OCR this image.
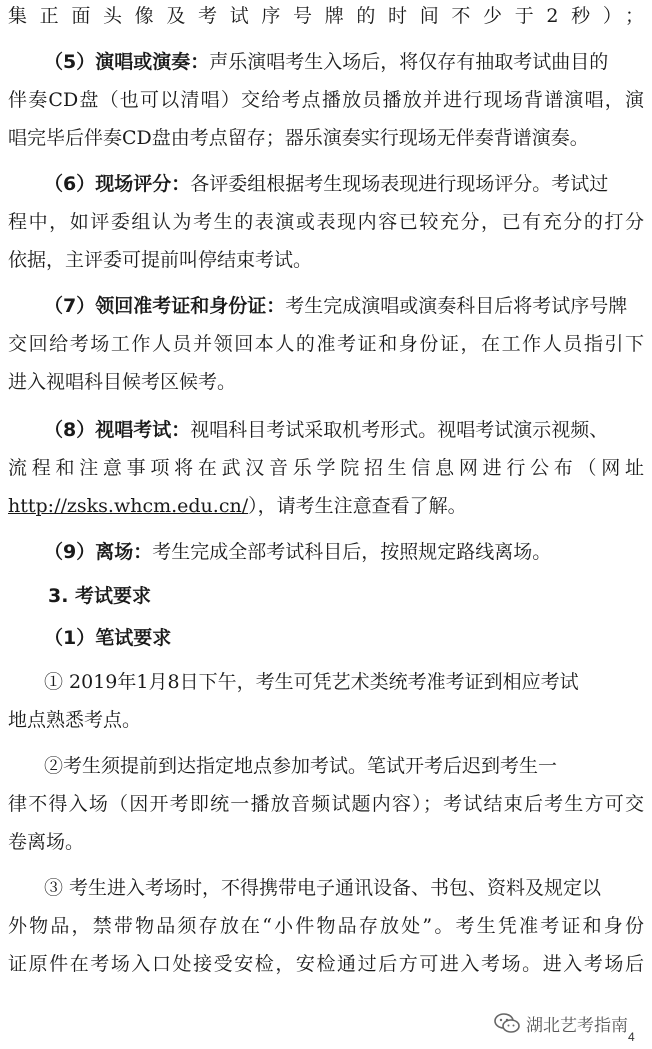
集正面头像及考试序号牌的时间不少于2秒）；
（5）演唱或演奏：声乐演唱考生入场后，将仅存有抽取考试曲目的
伴奏CD盘（也可以清唱）交给考点播放员播放并进行现场背谱演唱，演
唱完毕后伴奏CD盘由考点留存；器乐演奏实行现场无伴奏背谱演奏。
（6）现场评分：各评委组根据考生现场表现进行现场评分。考试过
程中，如评委组认为考生的表演或表现内容已较充分，已有充分的打分
依据，主评委可提前叫停结束考试。
（7）领回准考证和身份证：考生完成演唱或演奏科目后将考试序号牌
交回给考场工作人员并领回本人的准考证和身份证，在工作人员指引下
进入视唱科目候考区候考。
（8）视唱考试：视唱科目考试采取机考形式。视唱考试演示视频、
流程和注意事项将在武汉音乐学院招生信息网进行公布（网址
http://zsks.whcm.edu.cn/），请考生注意查看了解。
（9）离场：考生完成全部考试科目后，按照规定路线离场。
3. 考试要求
（1）笔试要求
① 2019年1月8日下午，考生可凭艺术类统考准考证到相应考试
地点熟悉考点。
②考生须提前到达指定地点参加考试。笔试开考后迟到考生一
律不得入场（因开考即统一播放音频试题内容）；考试结束后考生方可交
卷离场。
③ 考生进入考场时，不得携带电子通讯设备、书包、资料及规定以
外物品，禁带物品须存放在“小件物品存放处”。考生凭准考证和身份
证原件在考场入口处接受安检，安检通过后方可进入考场。进入考场后
湖北艺考指南
4
